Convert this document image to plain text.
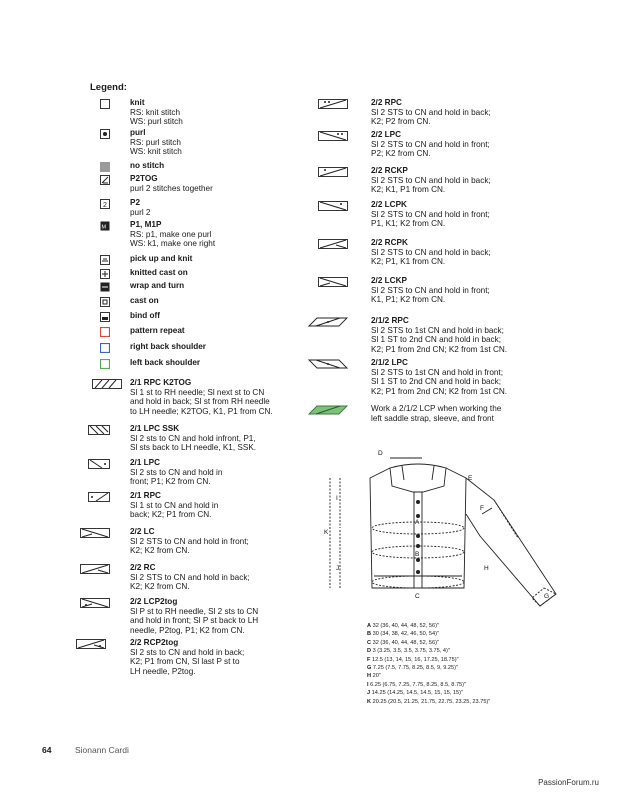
Legend:
knit
RS: knit stitch
WS: purl stitch
purl
RS: purl stitch
WS: knit stitch
no stitch
P2TOG
purl 2 stitches together
2	P2
purl 2
M	P1, M1P
RS: p1, make one purl
WS: k1, make one right
pick up and knit
knitted cast on
wrap and turn
cast on
bind off
pattern repeat
right back shoulder
left back shoulder
2/1 RPC K2TOG
Sl 1 st to RH needle; Sl next st to CN
and hold in back; Sl st from RH needle
to LH needle; K2TOG, K1, P1 from CN.
2/1 LPC SSK
Sl 2 sts to CN and hold infront, P1,
Sl sts back to LH needle, K1, SSK.
2/1 LPC
Sl 2 sts to CN and hold in
front; P1; K2 from CN.
2/1 RPC
Sl 1 st to CN and hold in
back; K2; P1 from CN.
2/2 LC
Sl 2 STS to CN and hold in front;
K2; K2 from CN.
2/2 RC
Sl 2 STS to CN and hold in back;
K2; K2 from CN.
2/2 LCP2tog
Sl P st to RH needle, Sl 2 sts to CN
and hold in front; Sl P st back to LH
needle, P2tog, P1; K2 from CN.
2/2 RCP2tog
Sl 2 sts to CN and hold in back;
K2; P1 from CN, Sl last P st to
LH needle, P2tog.
2/2 RPC
Sl 2 STS to CN and hold in back;
K2; P2 from CN.
2/2 LPC
Sl 2 STS to CN and hold in front;
P2; K2 from CN.
2/2 RCKP
Sl 2 STS to CN and hold in back;
K2; K1, P1 from CN.
2/2 LCPK
Sl 2 STS to CN and hold in front;
P1, K1; K2 from CN.
2/2 RCPK
Sl 2 STS to CN and hold in back;
K2; P1, K1 from CN.
2/2 LCKP
Sl 2 STS to CN and hold in front;
K1, P1; K2 from CN.
2/1/2 RPC
Sl 2 STS to 1st CN and hold in back;
Sl 1 ST to 2nd CN and hold in back;
K2; P1 from 2nd CN; K2 from 1st CN.
2/1/2 LPC
Sl 2 STS to 1st CN and hold in front;
Sl 1 ST to 2nd CN and hold in back;
K2; P1 from 2nd CN; K2 from 1st CN.
Work a 2/1/2 LCP when working the
left saddle strap, sleeve, and front
D
A
B
C
E
F
G
H
I
J
K
A 32 (36, 40, 44, 48, 52, 56)"
B 30 (34, 38, 42, 46, 50, 54)"
C 32 (36, 40, 44, 48, 52, 56)"
D 3 (3.25, 3.5, 3.5, 3.75, 3.75, 4)"
F 12.5 (13, 14, 15, 16, 17.25, 18.75)"
G 7.25 (7.5, 7.75, 8.25, 8.5, 9, 9.25)"
H 20"
I 6.25 (6.75, 7.25, 7.75, 8.25, 8.5, 8.75)"
J 14.25 (14.25, 14.5, 14.5, 15, 15, 15)"
K 20.25 (20.5, 21.25, 21.75, 22.75, 23.25, 23.75)"
64	Sionann Cardi
PassionForum.ru
